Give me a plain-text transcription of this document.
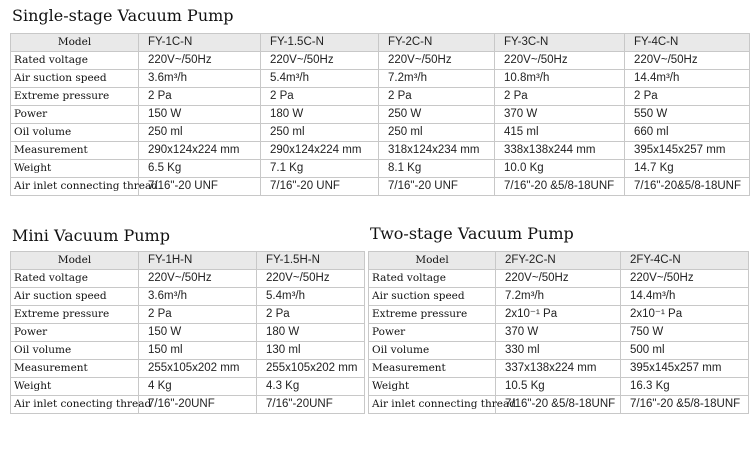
Single-stage Vacuum Pump
Model	FY-1C-N	FY-1.5C-N	FY-2C-N	FY-3C-N	FY-4C-N
Rated voltage	220V~/50Hz	220V~/50Hz	220V~/50Hz	220V~/50Hz	220V~/50Hz
Air suction speed	3.6m³/h	5.4m³/h	7.2m³/h	10.8m³/h	14.4m³/h
Extreme pressure	2 Pa	2 Pa	2 Pa	2 Pa	2 Pa
Power	150 W	180 W	250 W	370 W	550 W
Oil volume	250 ml	250 ml	250 ml	415 ml	660 ml
Measurement	290x124x224 mm	290x124x224 mm	318x124x234 mm	338x138x244 mm	395x145x257 mm
Weight	6.5 Kg	7.1 Kg	8.1 Kg	10.0 Kg	14.7 Kg
Air inlet connecting thread	7/16"-20 UNF	7/16"-20 UNF	7/16"-20 UNF	7/16"-20 &5/8-18UNF	7/16"-20&5/8-18UNF
Mini Vacuum Pump
Model	FY-1H-N	FY-1.5H-N
Rated voltage	220V~/50Hz	220V~/50Hz
Air suction speed	3.6m³/h	5.4m³/h
Extreme pressure	2 Pa	2 Pa
Power	150 W	180 W
Oil volume	150 ml	130 ml
Measurement	255x105x202 mm	255x105x202 mm
Weight	4 Kg	4.3 Kg
Air inlet conecting thread	7/16"-20UNF	7/16"-20UNF
Two-stage Vacuum Pump
Model	2FY-2C-N	2FY-4C-N
Rated voltage	220V~/50Hz	220V~/50Hz
Air suction speed	7.2m³/h	14.4m³/h
Extreme pressure	2x10⁻¹ Pa	2x10⁻¹ Pa
Power	370 W	750 W
Oil volume	330 ml	500 ml
Measurement	337x138x224 mm	395x145x257 mm
Weight	10.5 Kg	16.3 Kg
Air inlet connecting thread	7/16"-20 &5/8-18UNF	7/16"-20 &5/8-18UNF
